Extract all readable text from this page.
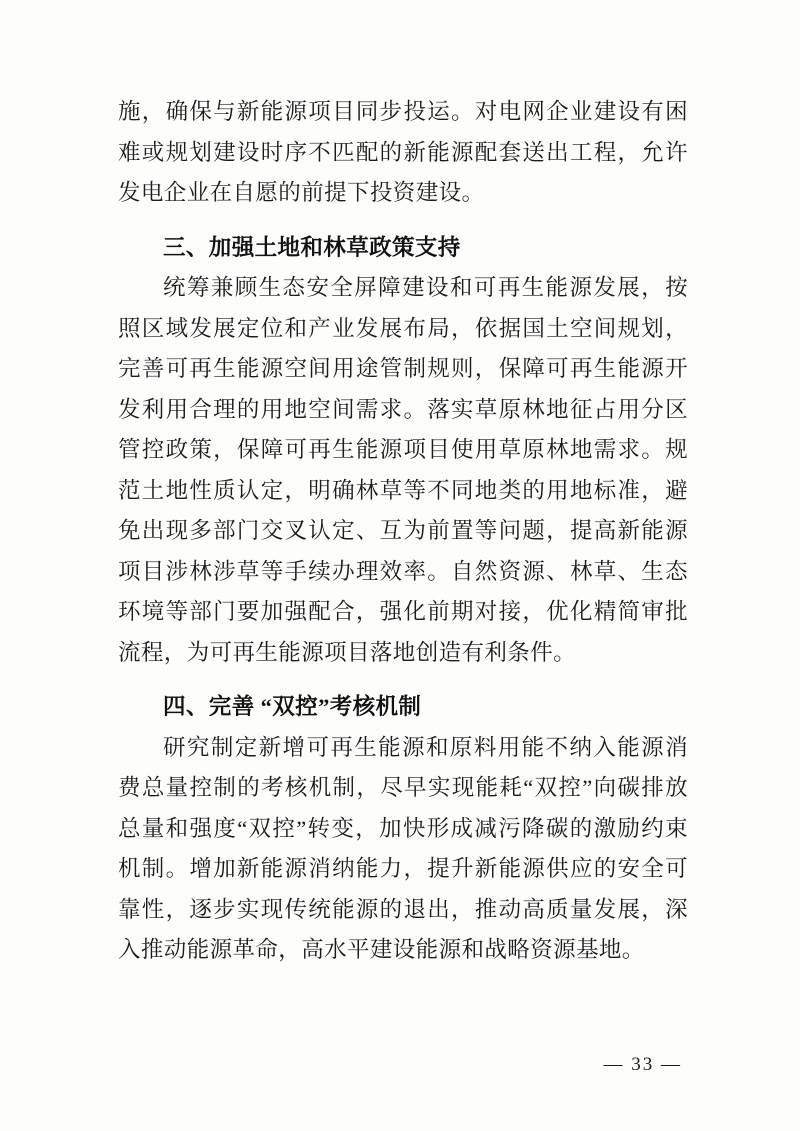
施，确保与新能源项目同步投运。对电网企业建设有困难或规划建设时序不匹配的新能源配套送出工程，允许发电企业在自愿的前提下投资建设。

三、加强土地和林草政策支持

统筹兼顾生态安全屏障建设和可再生能源发展，按照区域发展定位和产业发展布局，依据国土空间规划，完善可再生能源空间用途管制规则，保障可再生能源开发利用合理的用地空间需求。落实草原林地征占用分区管控政策，保障可再生能源项目使用草原林地需求。规范土地性质认定，明确林草等不同地类的用地标准，避免出现多部门交叉认定、互为前置等问题，提高新能源项目涉林涉草等手续办理效率。自然资源、林草、生态环境等部门要加强配合，强化前期对接，优化精简审批流程，为可再生能源项目落地创造有利条件。

四、完善 “双控”考核机制

研究制定新增可再生能源和原料用能不纳入能源消费总量控制的考核机制，尽早实现能耗“双控”向碳排放总量和强度“双控”转变，加快形成减污降碳的激励约束机制。增加新能源消纳能力，提升新能源供应的安全可靠性，逐步实现传统能源的退出，推动高质量发展，深入推动能源革命，高水平建设能源和战略资源基地。

— 33 —
